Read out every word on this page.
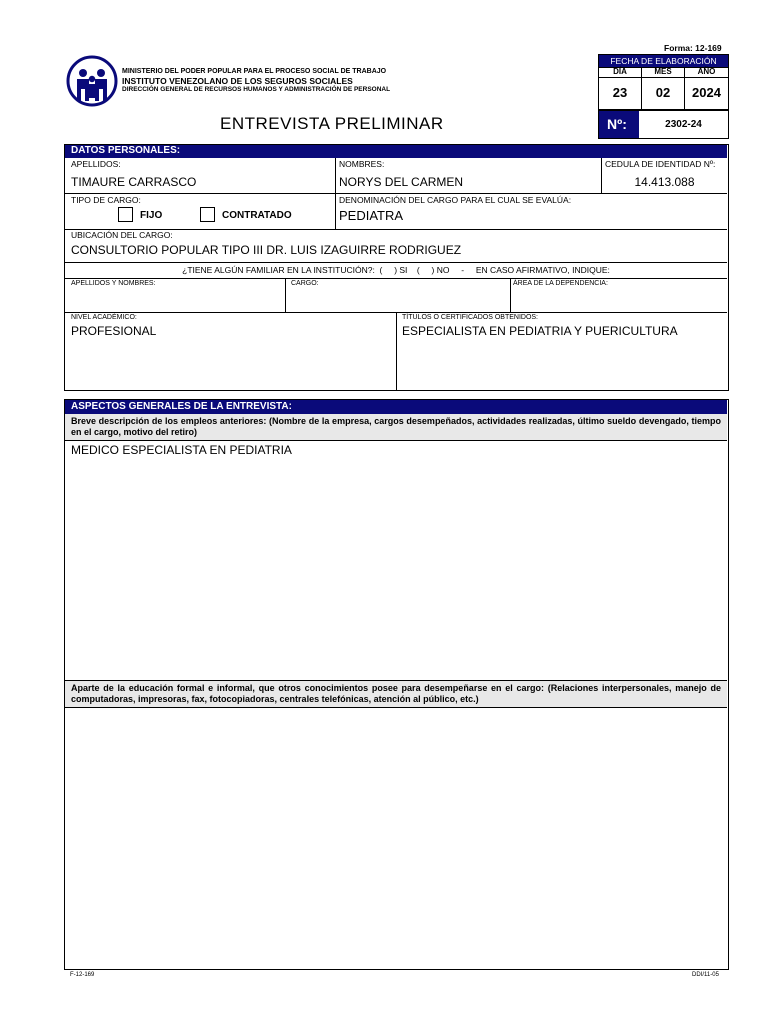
MINISTERIO DEL PODER POPULAR PARA EL PROCESO SOCIAL DE TRABAJO
INSTITUTO VENEZOLANO DE LOS SEGUROS SOCIALES
DIRECCIÓN GENERAL DE RECURSOS HUMANOS Y ADMINISTRACIÓN DE PERSONAL
ENTREVISTA PRELIMINAR
Forma: 12-169
FECHA DE ELABORACIÓN
DÍA	MES	AÑO
23	02	2024
Nº:	2302-24
DATOS PERSONALES:
APELLIDOS:
TIMAURE CARRASCO
NOMBRES:
NORYS DEL CARMEN
CEDULA DE IDENTIDAD Nº:
14.413.088
TIPO DE CARGO:
FIJO	CONTRATADO
DENOMINACIÓN DEL CARGO PARA EL CUAL SE EVALÚA:
PEDIATRA
UBICACIÓN DEL CARGO:
CONSULTORIO POPULAR TIPO III DR. LUIS IZAGUIRRE RODRIGUEZ
¿TIENE ALGÚN FAMILIAR EN LA INSTITUCIÓN?:  (     ) SI    (     ) NO     -     EN CASO AFIRMATIVO, INDIQUE:
APELLIDOS Y NOMBRES:	CARGO:	ÁREA DE LA DEPENDENCIA:
NIVEL ACADÉMICO:
PROFESIONAL
TÍTULOS O CERTIFICADOS OBTENIDOS:
ESPECIALISTA EN PEDIATRIA Y PUERICULTURA
ASPECTOS GENERALES DE LA ENTREVISTA:
Breve descripción de los empleos anteriores: (Nombre de la empresa, cargos desempeñados, actividades realizadas, último sueldo devengado, tiempo en el cargo, motivo del retiro)
MEDICO ESPECIALISTA EN PEDIATRIA
Aparte de la educación formal e informal, que otros conocimientos posee para desempeñarse en el cargo: (Relaciones interpersonales, manejo de computadoras, impresoras, fax, fotocopiadoras, centrales telefónicas, atención al público, etc.)
F-12-169	DDI/11-05
